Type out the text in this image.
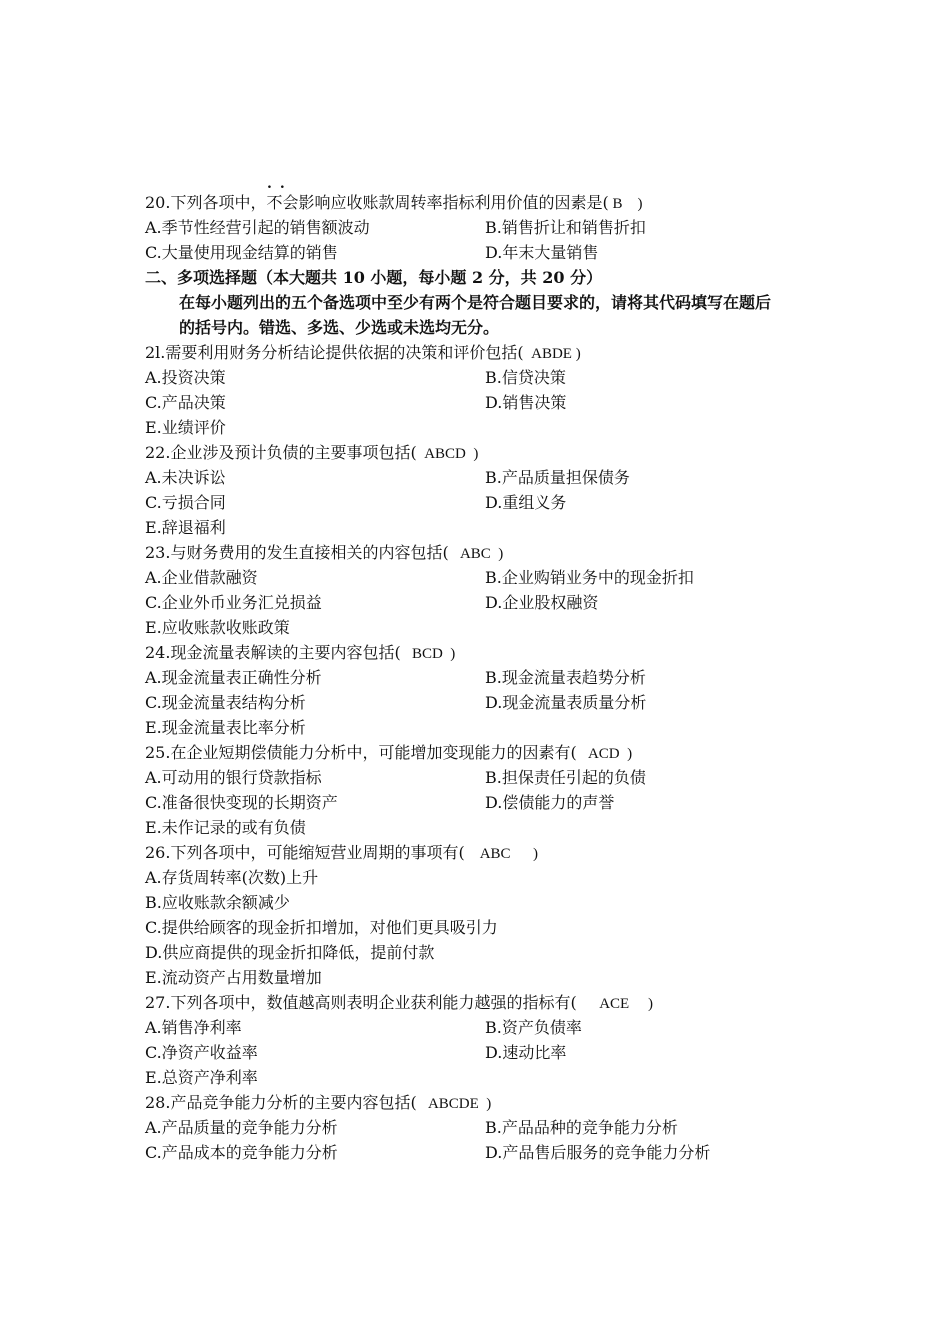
..
20.下列各项中，不会影响应收账款周转率指标利用价值的因素是( B    )
A.季节性经营引起的销售额波动	B.销售折让和销售折扣
C.大量使用现金结算的销售	D.年末大量销售
二、多项选择题（本大题共 10 小题，每小题 2 分，共 20 分）
在每小题列出的五个备选项中至少有两个是符合题目要求的，请将其代码填写在题后
的括号内。错选、多选、少选或未选均无分。
2l.需要利用财务分析结论提供依据的决策和评价包括( ABDE )
A.投资决策	B.信贷决策
C.产品决策	D.销售决策
E.业绩评价
22.企业涉及预计负债的主要事项包括( ABCD  )
A.未决诉讼	B.产品质量担保债务
C.亏损合同	D.重组义务
E.辞退福利
23.与财务费用的发生直接相关的内容包括( ABC  )
A.企业借款融资	B.企业购销业务中的现金折扣
C.企业外币业务汇兑损益	D.企业股权融资
E.应收账款收账政策
24.现金流量表解读的主要内容包括( BCD  )
A.现金流量表正确性分析	B.现金流量表趋势分析
C.现金流量表结构分析	D.现金流量表质量分析
E.现金流量表比率分析
25.在企业短期偿债能力分析中，可能增加变现能力的因素有( ACD  )
A.可动用的银行贷款指标	B.担保责任引起的负债
C.准备很快变现的长期资产	D.偿债能力的声誉
E.未作记录的或有负债
26.下列各项中，可能缩短营业周期的事项有( ABC      )
A.存货周转率(次数)上升
B.应收账款余额减少
C.提供给顾客的现金折扣增加，对他们更具吸引力
D.供应商提供的现金折扣降低，提前付款
E.流动资产占用数量增加
27.下列各项中，数值越高则表明企业获利能力越强的指标有( ACE     )
A.销售净利率	B.资产负债率
C.净资产收益率	D.速动比率
E.总资产净利率
28.产品竞争能力分析的主要内容包括( ABCDE  )
A.产品质量的竞争能力分析	B.产品品种的竞争能力分析
C.产品成本的竞争能力分析	D.产品售后服务的竞争能力分析
